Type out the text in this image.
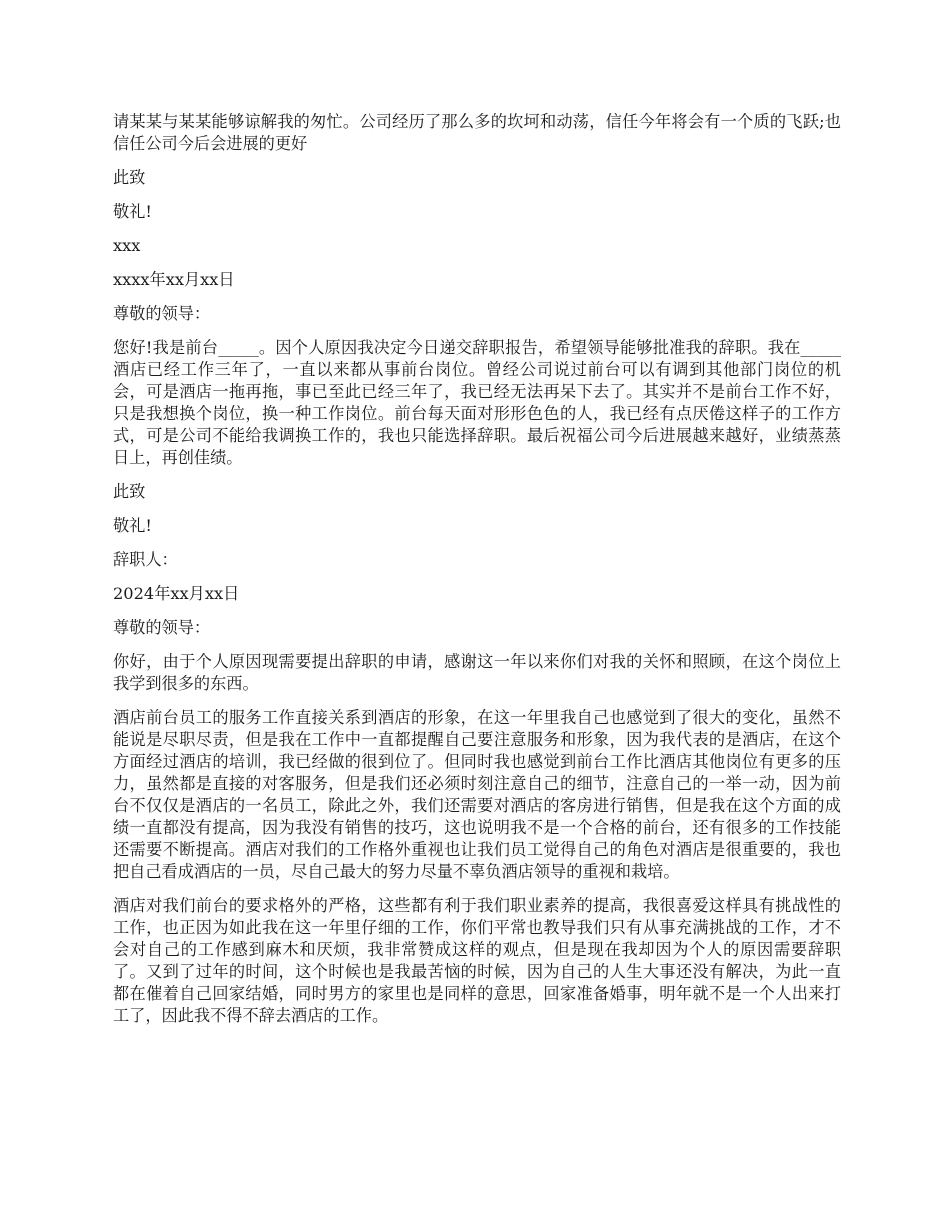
请某某与某某能够谅解我的匆忙。公司经历了那么多的坎坷和动荡，信任今年将会有一个质的飞跃;也信任公司今后会进展的更好

此致

敬礼!

xxx

xxxx年xx月xx日

尊敬的领导：

您好!我是前台_____。因个人原因我决定今日递交辞职报告，希望领导能够批准我的辞职。我在_____酒店已经工作三年了，一直以来都从事前台岗位。曾经公司说过前台可以有调到其他部门岗位的机会，可是酒店一拖再拖，事已至此已经三年了，我已经无法再呆下去了。其实并不是前台工作不好，只是我想换个岗位，换一种工作岗位。前台每天面对形形色色的人，我已经有点厌倦这样子的工作方式，可是公司不能给我调换工作的，我也只能选择辞职。最后祝福公司今后进展越来越好，业绩蒸蒸日上，再创佳绩。

此致

敬礼!

辞职人：

2024年xx月xx日

尊敬的领导：

你好，由于个人原因现需要提出辞职的申请，感谢这一年以来你们对我的关怀和照顾，在这个岗位上我学到很多的东西。

酒店前台员工的服务工作直接关系到酒店的形象，在这一年里我自己也感觉到了很大的变化，虽然不能说是尽职尽责，但是我在工作中一直都提醒自己要注意服务和形象，因为我代表的是酒店，在这个方面经过酒店的培训，我已经做的很到位了。但同时我也感觉到前台工作比酒店其他岗位有更多的压力，虽然都是直接的对客服务，但是我们还必须时刻注意自己的细节，注意自己的一举一动，因为前台不仅仅是酒店的一名员工，除此之外，我们还需要对酒店的客房进行销售，但是我在这个方面的成绩一直都没有提高，因为我没有销售的技巧，这也说明我不是一个合格的前台，还有很多的工作技能还需要不断提高。酒店对我们的工作格外重视也让我们员工觉得自己的角色对酒店是很重要的，我也把自己看成酒店的一员，尽自己最大的努力尽量不辜负酒店领导的重视和栽培。

酒店对我们前台的要求格外的严格，这些都有利于我们职业素养的提高，我很喜爱这样具有挑战性的工作，也正因为如此我在这一年里仔细的工作，你们平常也教导我们只有从事充满挑战的工作，才不会对自己的工作感到麻木和厌烦，我非常赞成这样的观点，但是现在我却因为个人的原因需要辞职了。又到了过年的时间，这个时候也是我最苦恼的时候，因为自己的人生大事还没有解决，为此一直都在催着自己回家结婚，同时男方的家里也是同样的意思，回家准备婚事，明年就不是一个人出来打工了，因此我不得不辞去酒店的工作。
